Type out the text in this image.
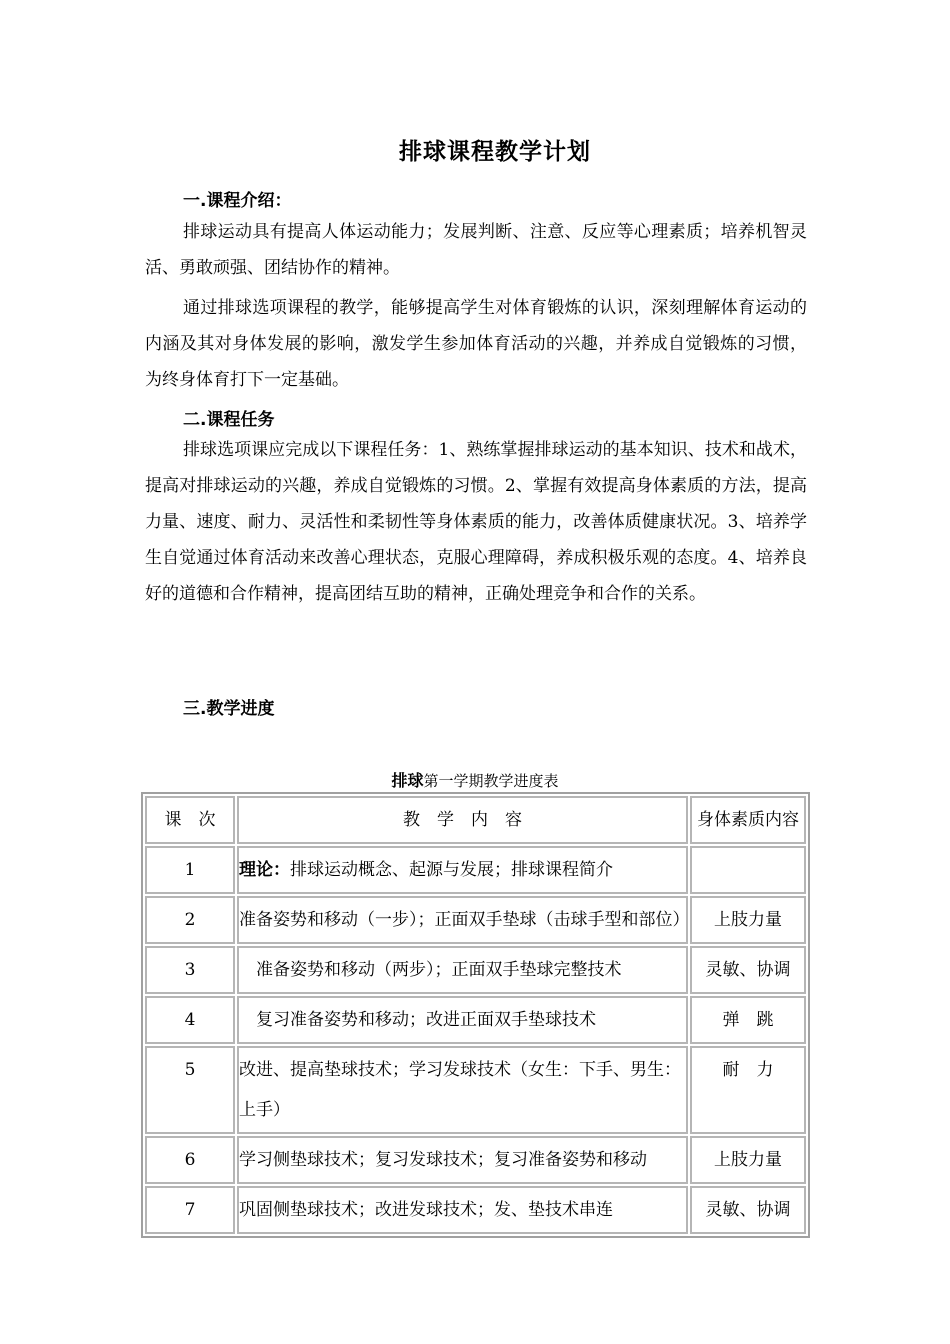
排球课程教学计划
一.课程介绍：

排球运动具有提高人体运动能力；发展判断、注意、反应等心理素质；培养机智灵活、勇敢顽强、团结协作的精神。

通过排球选项课程的教学，能够提高学生对体育锻炼的认识，深刻理解体育运动的内涵及其对身体发展的影响，激发学生参加体育活动的兴趣，并养成自觉锻炼的习惯，为终身体育打下一定基础。

二.课程任务

排球选项课应完成以下课程任务：1、熟练掌握排球运动的基本知识、技术和战术，提高对排球运动的兴趣，养成自觉锻炼的习惯。2、掌握有效提高身体素质的方法，提高力量、速度、耐力、灵活性和柔韧性等身体素质的能力，改善体质健康状况。3、培养学生自觉通过体育活动来改善心理状态，克服心理障碍，养成积极乐观的态度。4、培养良好的道德和合作精神，提高团结互助的精神，正确处理竞争和合作的关系。

三.教学进度
排球第一学期教学进度表
课　次	教　学　内　容	身体素质内容
1	理论：排球运动概念、起源与发展；排球课程简介	
2	准备姿势和移动（一步）；正面双手垫球（击球手型和部位）	上肢力量
3	　准备姿势和移动（两步）；正面双手垫球完整技术	灵敏、协调
4	　复习准备姿势和移动；改进正面双手垫球技术	弹　跳
5	改进、提高垫球技术；学习发球技术（女生：下手、男生：上手）	耐　力
6	学习侧垫球技术；复习发球技术；复习准备姿势和移动	上肢力量
7	巩固侧垫球技术；改进发球技术；发、垫技术串连	灵敏、协调
